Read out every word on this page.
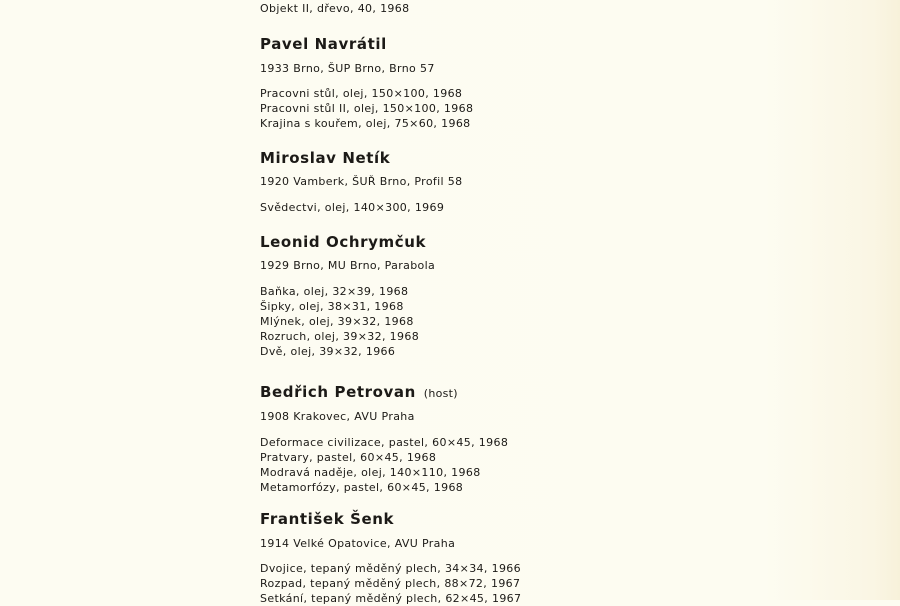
Objekt II, dřevo, 40, 1968
Pavel Navrátil
1933 Brno, ŠUP Brno, Brno 57
Pracovni stůl, olej, 150×100, 1968
Pracovni stůl II, olej, 150×100, 1968
Krajina s kouřem, olej, 75×60, 1968
Miroslav Netík
1920 Vamberk, ŠUŘ Brno, Profil 58
Svědectvi, olej, 140×300, 1969
Leonid Ochrymčuk
1929 Brno, MU Brno, Parabola
Baňka, olej, 32×39, 1968
Šipky, olej, 38×31, 1968
Mlýnek, olej, 39×32, 1968
Rozruch, olej, 39×32, 1968
Dvě, olej, 39×32, 1966
Bedřich Petrovan (host)
1908 Krakovec, AVU Praha
Deformace civilizace, pastel, 60×45, 1968
Pratvary, pastel, 60×45, 1968
Modravá naděje, olej, 140×110, 1968
Metamorfózy, pastel, 60×45, 1968
František Šenk
1914 Velké Opatovice, AVU Praha
Dvojice, tepaný měděný plech, 34×34, 1966
Rozpad, tepaný měděný plech, 88×72, 1967
Setkání, tepaný měděný plech, 62×45, 1967
